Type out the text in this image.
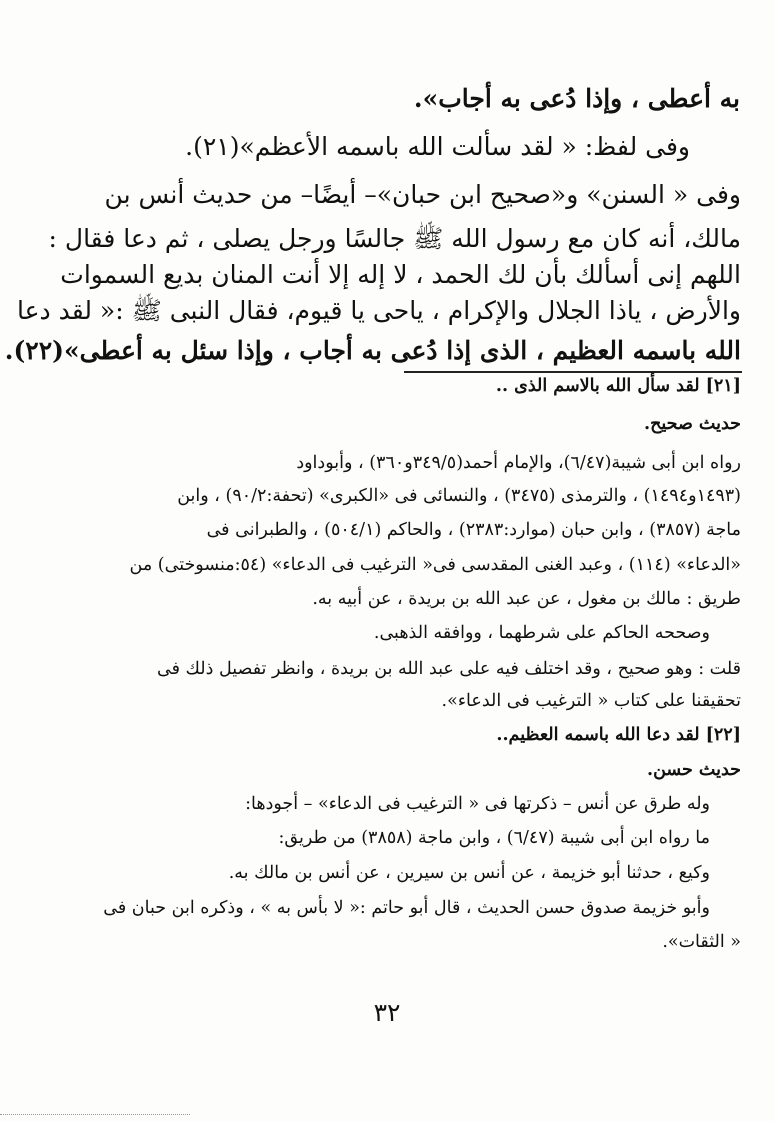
به أعطى ، وإذا دُعى به أجاب».
وفى لفظ: « لقد سألت الله باسمه الأعظم»(٢١).
وفى « السنن» و«صحيح ابن حبان»– أيضًا– من حديث أنس بن
مالك، أنه كان مع رسول الله ﷺ جالسًا ورجل يصلى ، ثم دعا فقال :
اللهم إنى أسألك بأن لك الحمد ، لا إله إلا أنت المنان بديع السموات
والأرض ، ياذا الجلال والإكرام ، ياحى يا قيوم، فقال النبى ﷺ :« لقد دعا
الله باسمه العظيم ، الذى إذا دُعى به أجاب ، وإذا سئل به أعطى»(٢٢).
[٢١] لقد سأل الله بالاسم الذى ..
حديث صحيح.
رواه ابن أبى شيبة(٦/٤٧)، والإمام أحمد(٣٤٩/٥و٣٦٠) ، وأبوداود
(١٤٩٣و١٤٩٤) ، والترمذى (٣٤٧٥) ، والنسائى فى «الكبرى» (تحفة:٩٠/٢) ، وابن
ماجة (٣٨٥٧) ، وابن حبان (موارد:٢٣٨٣) ، والحاكم (٥٠٤/١) ، والطبرانى فى
«الدعاء» (١١٤) ، وعبد الغنى المقدسى فى« الترغيب فى الدعاء» (٥٤:منسوختى) من
طريق : مالك بن مغول ، عن عبد الله بن بريدة ، عن أبيه به.
وصححه الحاكم على شرطهما ، ووافقه الذهبى.
قلت : وهو صحيح ، وقد اختلف فيه على عبد الله بن بريدة ، وانظر تفصيل ذلك فى
تحقيقنا على كتاب « الترغيب فى الدعاء».
[٢٢] لقد دعا الله باسمه العظيم..
حديث حسن.
وله طرق عن أنس – ذكرتها فى « الترغيب فى الدعاء» – أجودها:
ما رواه ابن أبى شيبة (٦/٤٧) ، وابن ماجة (٣٨٥٨) من طريق:
وكيع ، حدثنا أبو خزيمة ، عن أنس بن سيرين ، عن أنس بن مالك به.
وأبو خزيمة صدوق حسن الحديث ، قال أبو حاتم :« لا بأس به » ، وذكره ابن حبان فى
« الثقات».
٣٢
